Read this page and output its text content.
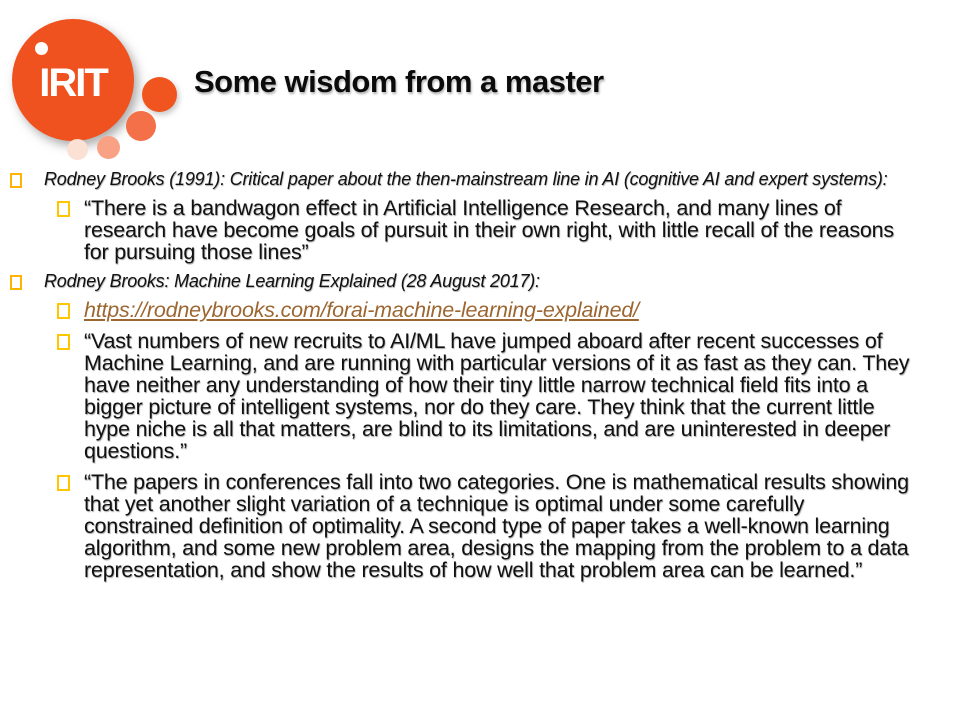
IRIT	Some wisdom from a master
Rodney Brooks (1991): Critical paper about the then-mainstream line in AI (cognitive AI and expert systems):
“There is a bandwagon effect in Artificial Intelligence Research, and many lines of research have become goals of pursuit in their own right, with little recall of the reasons for pursuing those lines”
Rodney Brooks: Machine Learning Explained (28 August 2017):
https://rodneybrooks.com/forai-machine-learning-explained/
“Vast numbers of new recruits to AI/ML have jumped aboard after recent successes of Machine Learning, and are running with particular versions of it as fast as they can. They have neither any understanding of how their tiny little narrow technical field fits into a bigger picture of intelligent systems, nor do they care. They think that the current little hype niche is all that matters, are blind to its limitations, and are uninterested in deeper questions.”
“The papers in conferences fall into two categories. One is mathematical results showing that yet another slight variation of a technique is optimal under some carefully constrained definition of optimality. A second type of paper takes a well-known learning algorithm, and some new problem area, designs the mapping from the problem to a data representation, and show the results of how well that problem area can be learned.”
